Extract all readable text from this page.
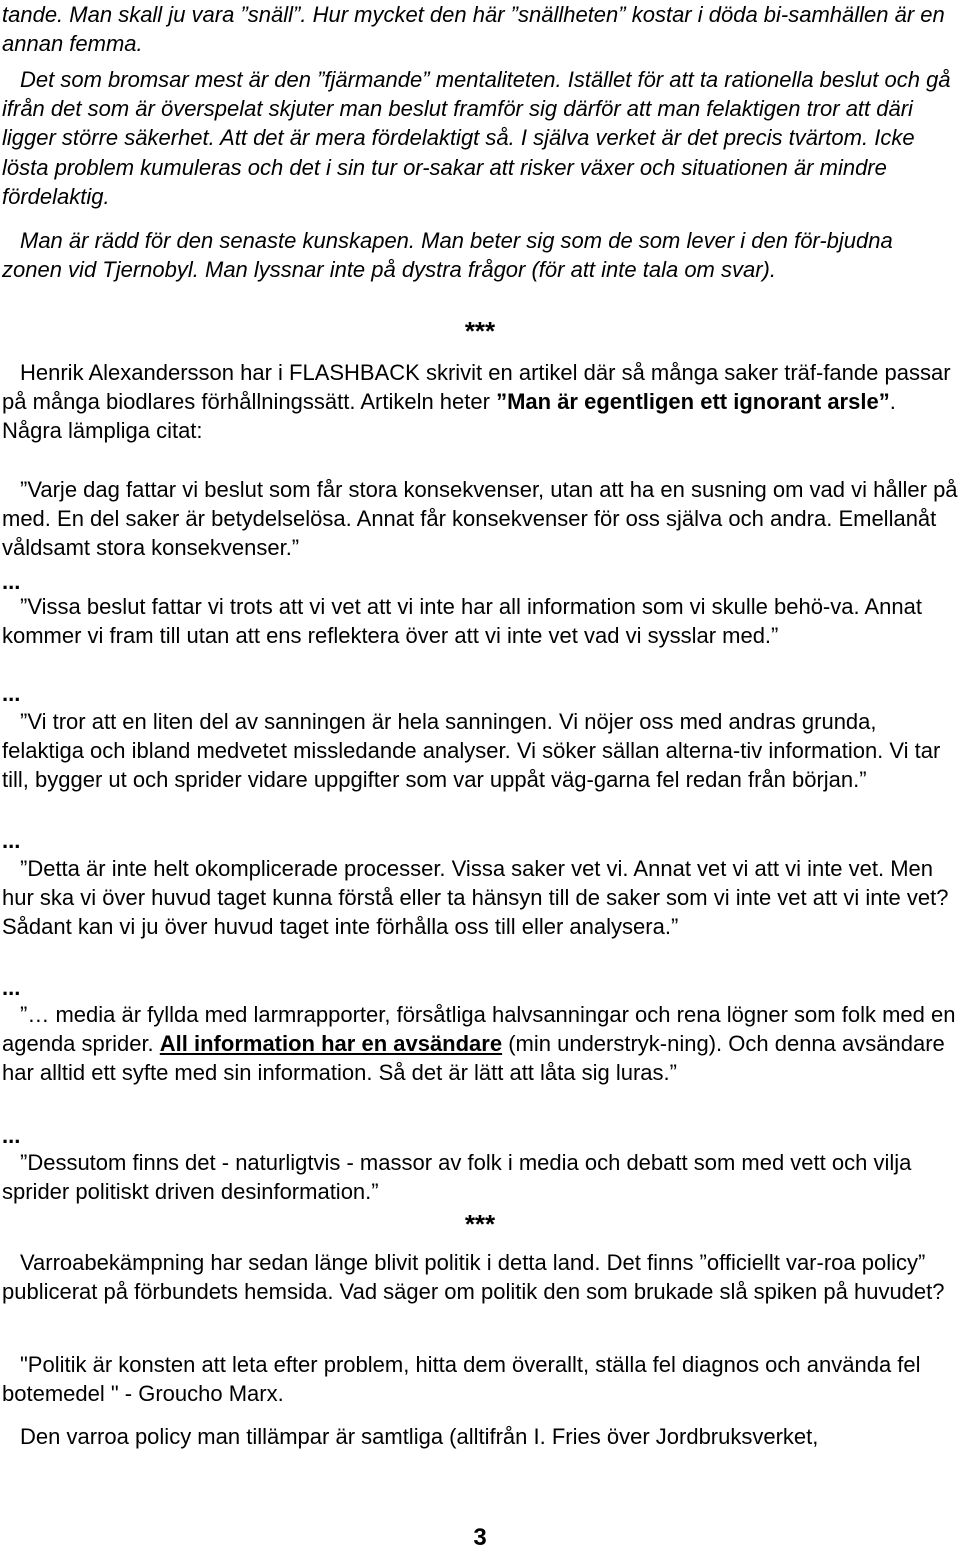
tande. Man skall ju vara ”snäll”. Hur mycket den här ”snällheten” kostar i döda bi-samhällen är en annan femma.

Det som bromsar mest är den ”fjärmande” mentaliteten. Istället för att ta rationella beslut och gå ifrån det som är överspelat skjuter man beslut framför sig därför att man felaktigen tror att däri ligger större säkerhet. Att det är mera fördelaktigt så. I själva verket är det precis tvärtom. Icke lösta problem kumuleras och det i sin tur or-sakar att risker växer och situationen är mindre fördelaktig.

Man är rädd för den senaste kunskapen. Man beter sig som de som lever i den för-bjudna zonen vid Tjernobyl. Man lyssnar inte på dystra frågor (för att inte tala om svar).

***

Henrik Alexandersson har i FLASHBACK skrivit en artikel där så många saker träf-fande passar på många biodlares förhållningssätt. Artikeln heter ”Man är egentligen ett ignorant arsle”. Några lämpliga citat:

”Varje dag fattar vi beslut som får stora konsekvenser, utan att ha en susning om vad vi håller på med. En del saker är betydelselösa. Annat får konsekvenser för oss själva och andra. Emellanåt våldsamt stora konsekvenser.”

...

”Vissa beslut fattar vi trots att vi vet att vi inte har all information som vi skulle behö-va. Annat kommer vi fram till utan att ens reflektera över att vi inte vet vad vi sysslar med.”

...

”Vi tror att en liten del av sanningen är hela sanningen. Vi nöjer oss med andras grunda, felaktiga och ibland medvetet missledande analyser. Vi söker sällan alterna-tiv information. Vi tar till, bygger ut och sprider vidare uppgifter som var uppåt väg-garna fel redan från början.”

...

”Detta är inte helt okomplicerade processer. Vissa saker vet vi. Annat vet vi att vi inte vet. Men hur ska vi över huvud taget kunna förstå eller ta hänsyn till de saker som vi inte vet att vi inte vet? Sådant kan vi ju över huvud taget inte förhålla oss till eller analysera.”

...

”… media är fyllda med larmrapporter, försåtliga halvsanningar och rena lögner som folk med en agenda sprider. All information har en avsändare (min understryk-ning). Och denna avsändare har alltid ett syfte med sin information. Så det är lätt att låta sig luras.”

...

”Dessutom finns det - naturligtvis - massor av folk i media och debatt som med vett och vilja sprider politiskt driven desinformation.”

***

Varroabekämpning har sedan länge blivit politik i detta land. Det finns ”officiellt var-roa policy” publicerat på förbundets hemsida. Vad säger om politik den som brukade slå spiken på huvudet?

"Politik är konsten att leta efter problem, hitta dem överallt, ställa fel diagnos och använda fel botemedel " - Groucho Marx.

Den varroa policy man tillämpar är samtliga (alltifrån I. Fries över Jordbruksverket,

3
